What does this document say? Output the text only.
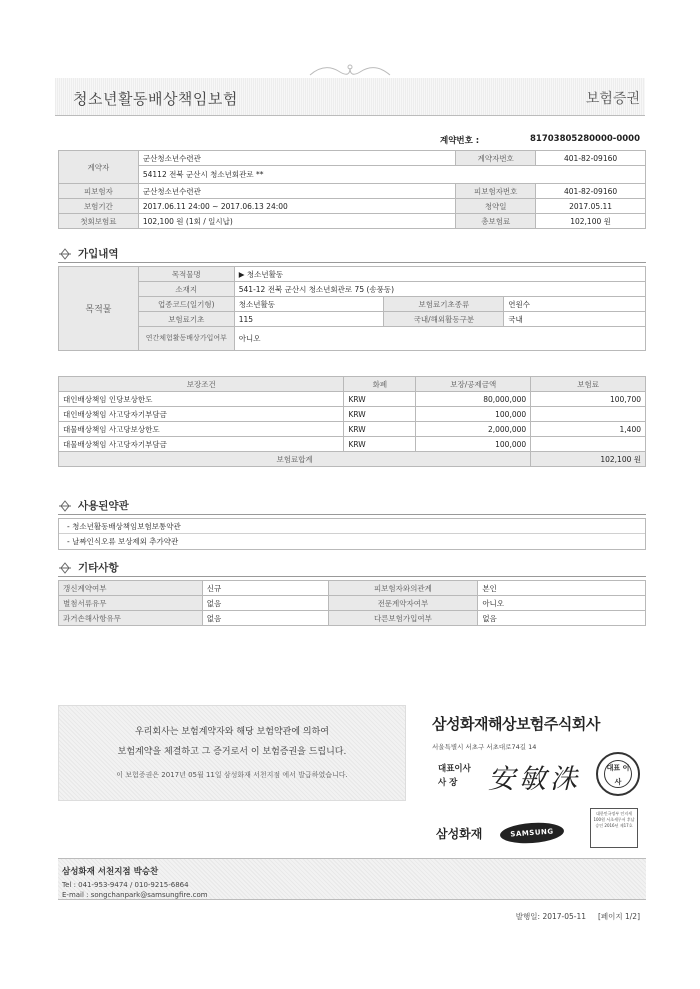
청소년활동배상책임보험	보험증권
계약번호 :	81703805280000-0000
계약자	군산청소년수련관	계약자번호	401-82-09160
	54112 전북 군산시 청소년회관로 **		
피보험자	군산청소년수련관	피보험자번호	401-82-09160
보험기간	2017.06.11 24:00 ~ 2017.06.13 24:00	청약일	2017.05.11
첫회보험료	102,100 원 (1회 / 일시납)	총보험료	102,100 원
가입내역
목적물	목적물명	▶ 청소년활동		
	소재지	541-12 전북 군산시 청소년회관로 75 (송풍동)		
	업종코드(일기형)	청소년활동	보험료기초종류	연원수
	보험료기초	115	국내/해외활동구분	국내
	연간체험활동배상가입여부	아니오		
보장조건	화폐	보장/공제금액	보험료
대인배상책임 인당보상한도	KRW	80,000,000	100,700
대인배상책임 사고당자기부담금	KRW	100,000	
대물배상책임 사고당보상한도	KRW	2,000,000	1,400
대물배상책임 사고당자기부담금	KRW	100,000	
보험료합계			102,100 원
사용된약관
- 청소년활동배상책임보험보통약관
- 날짜인식오류 보상제외 추가약관
기타사항
갱신계약여부	신규	피보험자와의관계	본인
별첨서류유무	없음	전문계약자여부	아니오
과거손해사항유무	없음	다른보험가입여부	없음
우리회사는 보험계약자와 해당 보험약관에 의하여
보험계약을 체결하고 그 증거로서 이 보험증권을 드립니다.
이 보험증권은 2017년 05월 11일 삼성화재 서천지점 에서 발급하였습니다.
삼성화재해상보험주식회사
서울특별시 서초구 서초대로74길 14
대표이사
사 장 安敏洙	대표 이사
대한민국정부 인지세 100원 서초세무서 후납승인 2016년 제17호
삼성화재	SAMSUNG
삼성화재 서천지점 박승찬
Tel : 041-953-9474 / 010-9215-6864
E-mail : songchanpark@samsungfire.com
발행일: 2017-05-11 [페이지 1/2]
